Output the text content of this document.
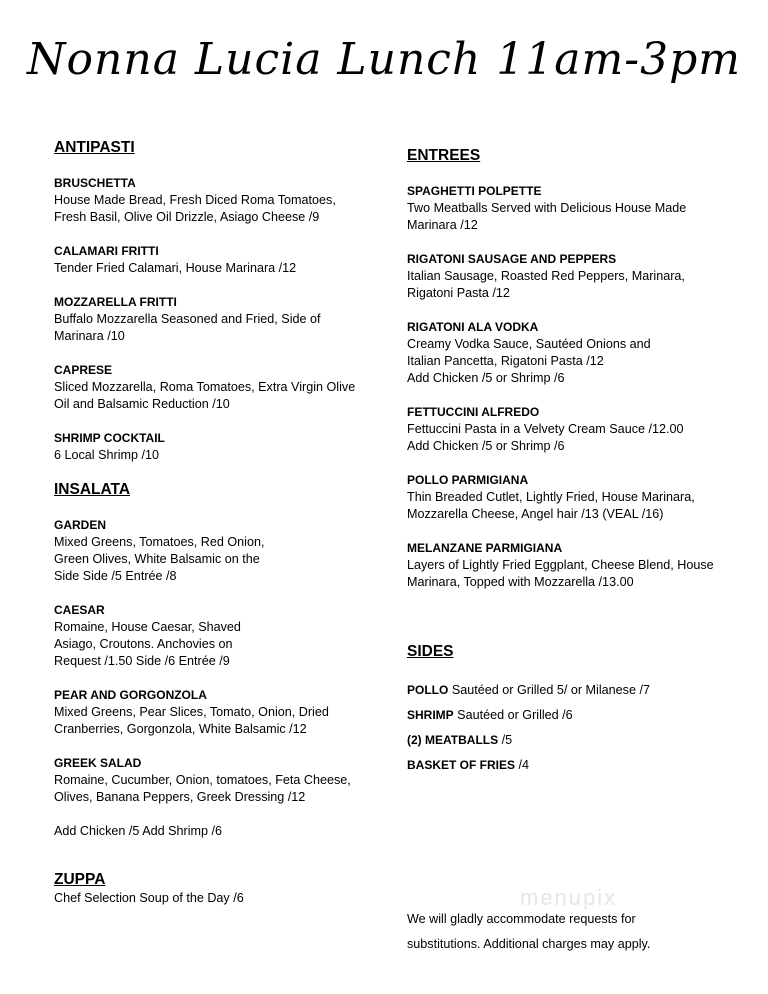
Nonna Lucia Lunch 11am-3pm
ANTIPASTI
BRUSCHETTA
House Made Bread, Fresh Diced Roma Tomatoes,
Fresh Basil, Olive Oil Drizzle, Asiago Cheese /9
CALAMARI FRITTI
Tender Fried Calamari, House Marinara /12
MOZZARELLA FRITTI
Buffalo Mozzarella Seasoned and Fried, Side of
Marinara /10
CAPRESE
Sliced Mozzarella, Roma Tomatoes, Extra Virgin Olive
Oil and Balsamic Reduction /10
SHRIMP COCKTAIL
6 Local Shrimp /10
INSALATA
GARDEN
Mixed Greens, Tomatoes, Red Onion,
Green Olives, White Balsamic on the
Side Side /5 Entrée /8
CAESAR
Romaine, House Caesar, Shaved
Asiago, Croutons. Anchovies on
Request /1.50 Side /6 Entrée /9
PEAR AND GORGONZOLA
Mixed Greens, Pear Slices, Tomato, Onion, Dried
Cranberries, Gorgonzola, White Balsamic /12
GREEK SALAD
Romaine, Cucumber, Onion, tomatoes, Feta Cheese,
Olives, Banana Peppers, Greek Dressing /12
Add Chicken /5 Add Shrimp /6
ZUPPA
Chef Selection Soup of the Day /6
ENTREES
SPAGHETTI POLPETTE
Two Meatballs Served with Delicious House Made
Marinara /12
RIGATONI SAUSAGE AND PEPPERS
Italian Sausage, Roasted Red Peppers, Marinara,
Rigatoni Pasta /12
RIGATONI ALA VODKA
Creamy Vodka Sauce, Sautéed Onions and
Italian Pancetta, Rigatoni Pasta /12
Add Chicken /5 or Shrimp /6
FETTUCCINI ALFREDO
Fettuccini Pasta in a Velvety Cream Sauce /12.00
Add Chicken /5 or Shrimp /6
POLLO PARMIGIANA
Thin Breaded Cutlet, Lightly Fried, House Marinara,
Mozzarella Cheese, Angel hair /13 (VEAL /16)
MELANZANE PARMIGIANA
Layers of Lightly Fried Eggplant, Cheese Blend, House
Marinara, Topped with Mozzarella /13.00
SIDES
POLLO Sautéed or Grilled 5/ or Milanese /7
SHRIMP Sautéed or Grilled /6
(2) MEATBALLS /5
BASKET OF FRIES /4
We will gladly accommodate requests for
substitutions. Additional charges may apply.
menupix
